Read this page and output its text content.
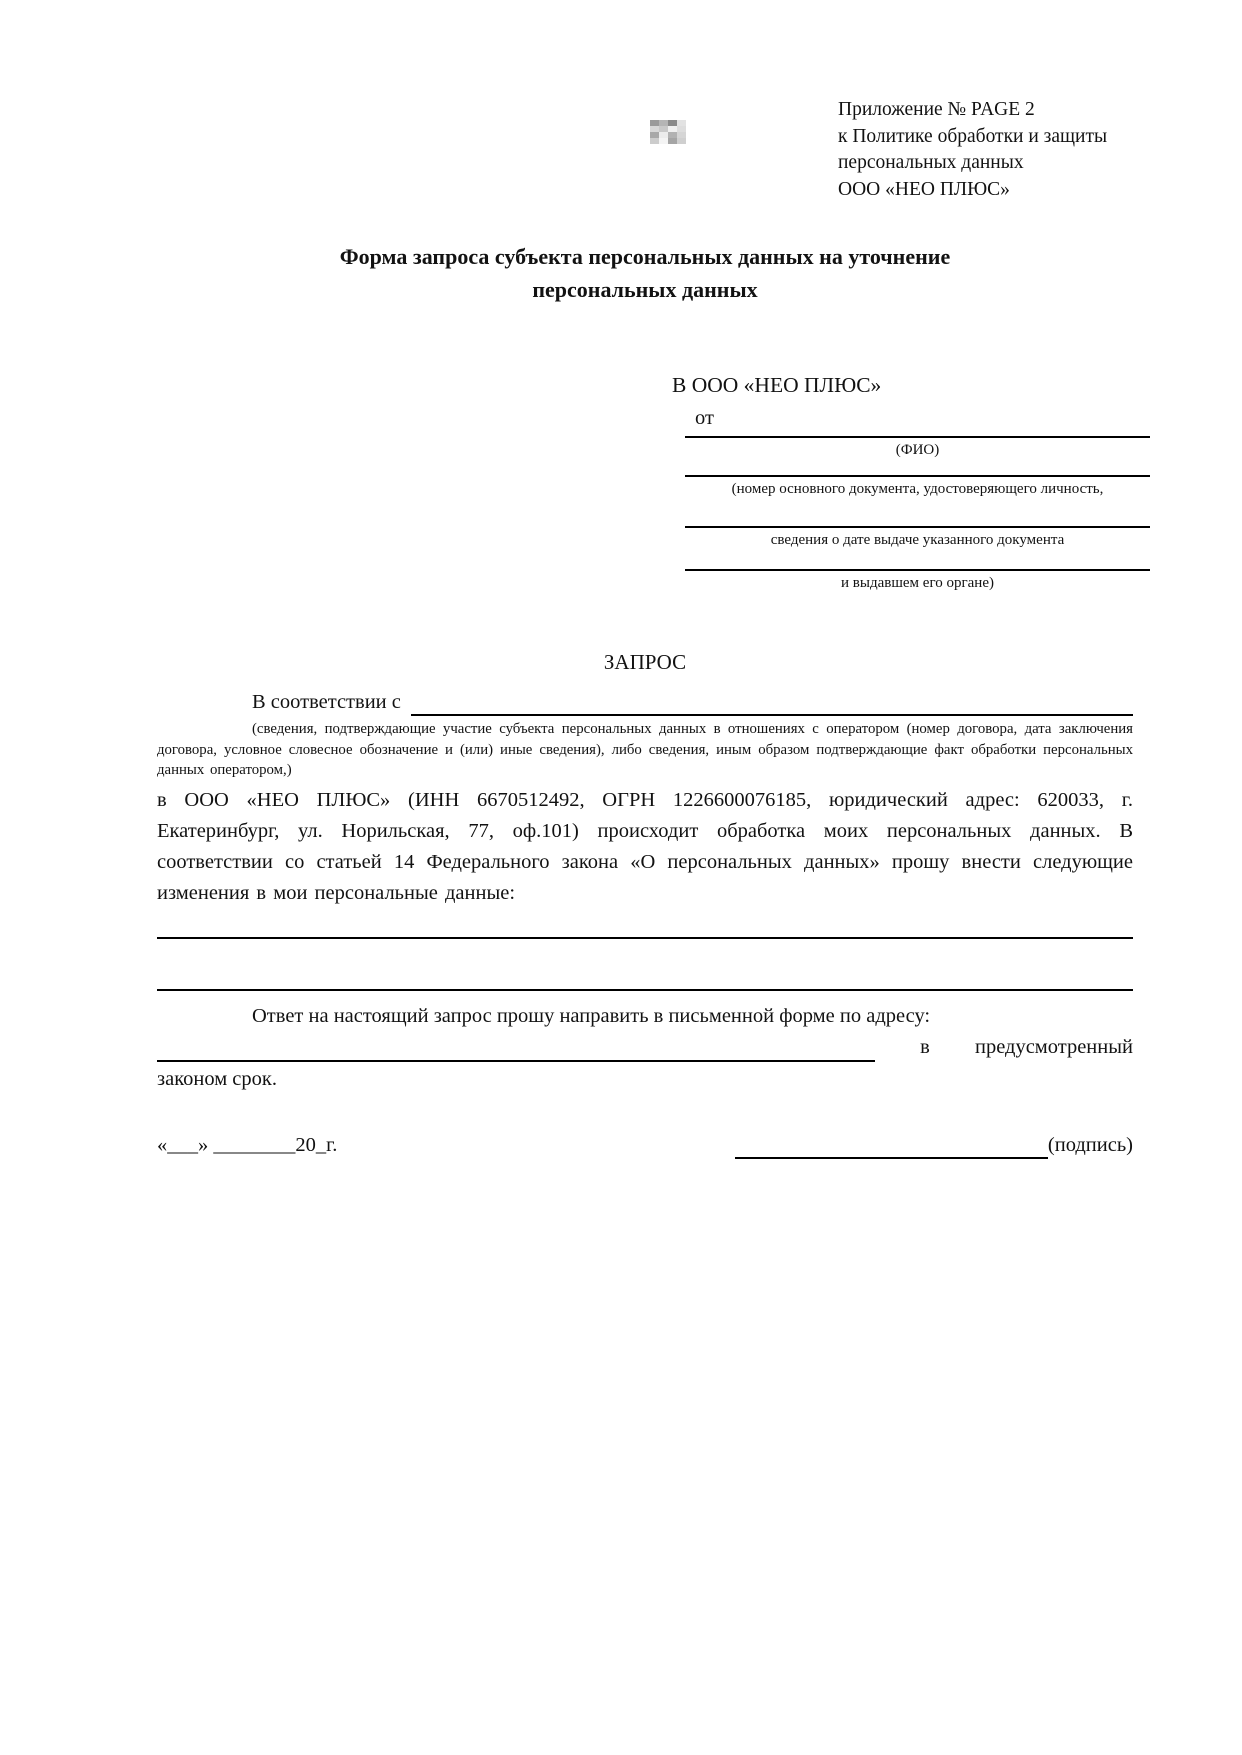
Приложение № PAGE 2
к Политике обработки и защиты
персональных данных
ООО «НЕО ПЛЮС»
Форма запроса субъекта персональных данных на уточнение
персональных данных
В ООО «НЕО ПЛЮС»
от
(ФИО)
(номер основного документа, удостоверяющего личность,
сведения о дате выдаче указанного документа
и выдавшем его органе)
ЗАПРОС
В соответствии с

(сведения, подтверждающие участие субъекта персональных данных в отношениях с оператором (номер договора, дата заключения договора, условное словесное обозначение и (или) иные сведения), либо сведения, иным образом подтверждающие факт обработки персональных данных оператором,)

в ООО «НЕО ПЛЮС» (ИНН 6670512492, ОГРН 1226600076185, юридический адрес: 620033, г. Екатеринбург, ул. Норильская, 77, оф.101) происходит обработка моих персональных данных. В соответствии со статьей 14 Федерального закона «О персональных данных» прошу внести следующие изменения в мои персональные данные:

Ответ на настоящий запрос прошу направить в письменной форме по адресу:

в предусмотренный

законом срок.

«___» ________20_г.	(подпись)
